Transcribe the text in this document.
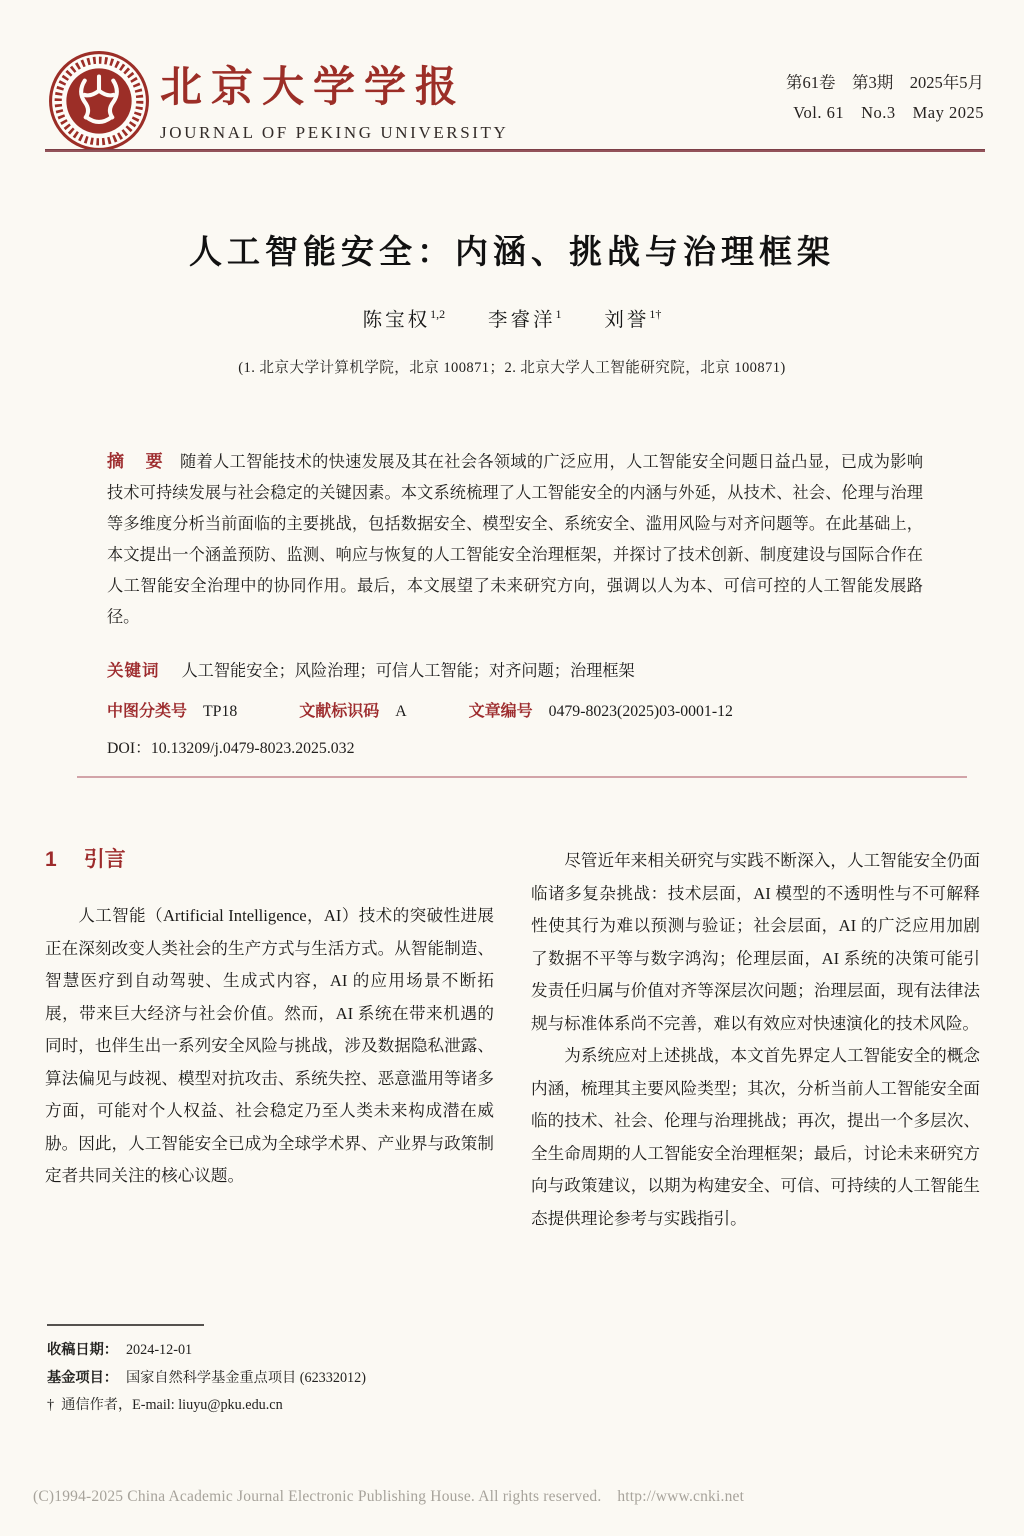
北京大学学报
JOURNAL OF PEKING UNIVERSITY
第61卷　第3期　2025年5月
Vol. 61 No.3 May 2025
人工智能安全：内涵、挑战与治理框架
陈宝权$^{1,2}$ 李睿洋$^1$ 刘誉$^{1\dagger}$
(1. 北京大学计算机学院，北京 100871；2. 北京大学人工智能研究院，北京 100871)

摘　要 随着人工智能技术的快速发展及其在社会各领域的广泛应用，人工智能安全问题日益凸显，已成为影响技术可持续发展与社会稳定的关键因素。本文系统梳理了人工智能安全的内涵与外延，从技术、社会、伦理与治理等多维度分析当前面临的主要挑战，包括数据安全、模型安全、系统安全、滥用风险与对齐问题等。在此基础上，本文提出一个涵盖预防、监测、响应与恢复的人工智能安全治理框架，并探讨了技术创新、制度建设与国际合作在人工智能安全治理中的协同作用。最后，本文展望了未来研究方向，强调以人为本、可信可控的人工智能发展路径。

关键词 人工智能安全；风险治理；可信人工智能；对齐问题；治理框架
中图分类号 TP18	文献标识码 A	文章编号 0479-8023(2025)03-0001-12
DOI：10.13209/j.0479-8023.2025.032
1 引言

人工智能（Artificial Intelligence，AI）技术的突破性进展正在深刻改变人类社会的生产方式与生活方式。从智能制造、智慧医疗到自动驾驶、生成式内容，AI 的应用场景不断拓展，带来巨大经济与社会价值。然而，AI 系统在带来机遇的同时，也伴生出一系列安全风险与挑战，涉及数据隐私泄露、算法偏见与歧视、模型对抗攻击、系统失控、恶意滥用等诸多方面，可能对个人权益、社会稳定乃至人类未来构成潜在威胁。因此，人工智能安全已成为全球学术界、产业界与政策制定者共同关注的核心议题。

尽管近年来相关研究与实践不断深入，人工智能安全仍面临诸多复杂挑战：技术层面，AI 模型的不透明性与不可解释性使其行为难以预测与验证；社会层面，AI 的广泛应用加剧了数据不平等与数字鸿沟；伦理层面，AI 系统的决策可能引发责任归属与价值对齐等深层次问题；治理层面，现有法律法规与标准体系尚不完善，难以有效应对快速演化的技术风险。

为系统应对上述挑战，本文首先界定人工智能安全的概念内涵，梳理其主要风险类型；其次，分析当前人工智能安全面临的技术、社会、伦理与治理挑战；再次，提出一个多层次、全生命周期的人工智能安全治理框架；最后，讨论未来研究方向与政策建议，以期为构建安全、可信、可持续的人工智能生态提供理论参考与实践指引。

收稿日期： 2024-12-01
基金项目： 国家自然科学基金重点项目 (62332012)
† 通信作者，E-mail: liuyu@pku.edu.cn
(C)1994-2025 China Academic Journal Electronic Publishing House. All rights reserved.  http://www.cnki.net
